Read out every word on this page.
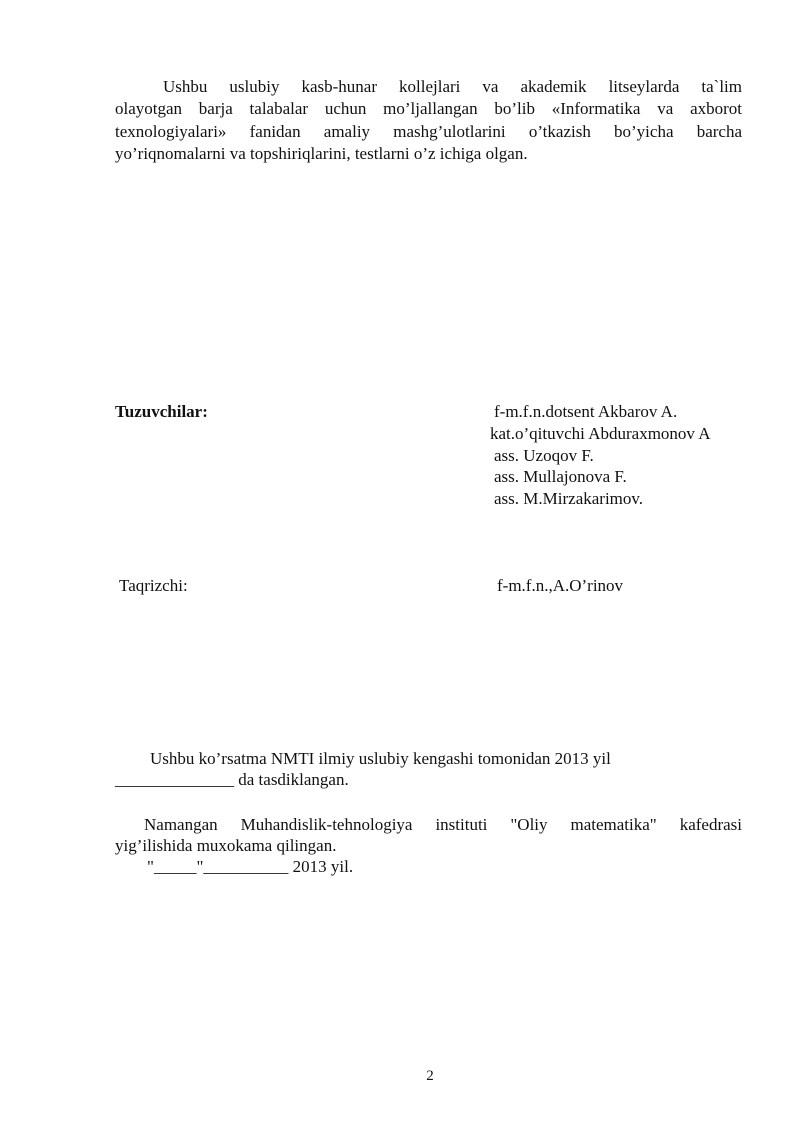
Ushbu uslubiy kasb-hunar kollejlari va akademik litseylarda ta`lim
olayotgan barja talabalar uchun mo’ljallangan bo’lib «Informatika va axborot
texnologiyalari» fanidan amaliy mashg’ulotlarini o’tkazish bo’yicha barcha
yo’riqnomalarni va topshiriqlarini, testlarni o’z ichiga olgan.
Tuzuvchilar:	f-m.f.n.dotsent Akbarov A.
kat.o’qituvchi Abduraxmonov A
ass. Uzoqov F.
ass. Mullajonova F.
ass. M.Mirzakarimov.
Taqrizchi:	f-m.f.n.,A.O’rinov
Ushbu ko’rsatma NMTI ilmiy uslubiy kengashi tomonidan 2013 yil
______________ da tasdiklangan.
Namangan Muhandislik-tehnologiya instituti "Oliy matematika" kafedrasi
yig’ilishida muxokama qilingan.
"_____"__________ 2013 yil.
2
